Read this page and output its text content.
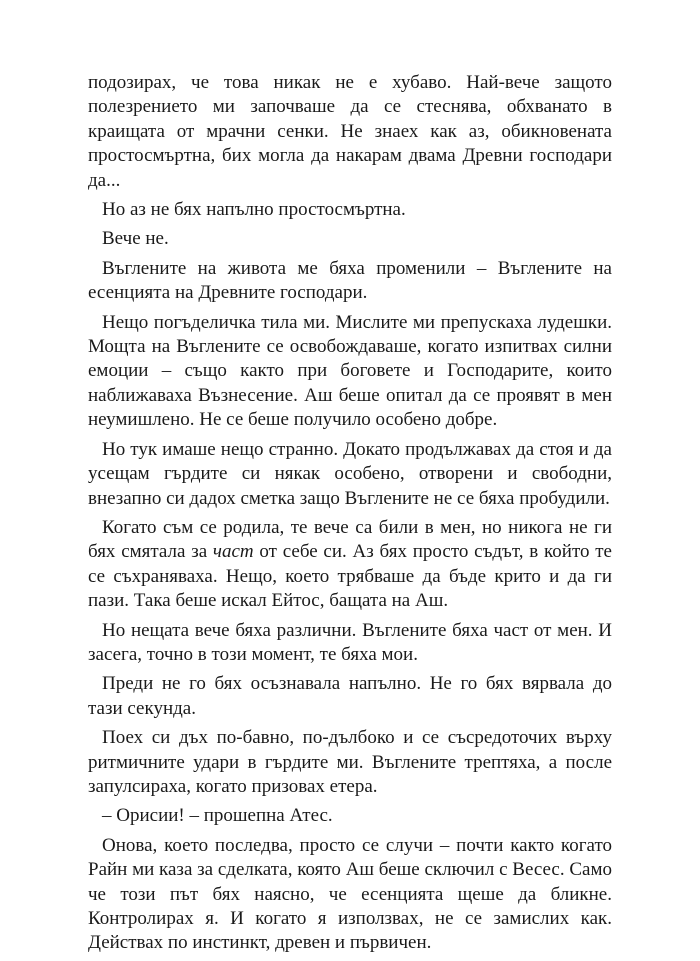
подозирах, че това никак не е хубаво. Най-вече защото полезрението ми започваше да се стеснява, обхванато в краищата от мрачни сенки. Не знаех как аз, обикновената простосмъртна, бих могла да накарам двама Древни господари да...

Но аз не бях напълно простосмъртна.

Вече не.

Въглените на живота ме бяха променили – Въглените на есенцията на Древните господари.

Нещо погъделичка тила ми. Мислите ми препускаха лудешки. Мощта на Въглените се освобождаваше, когато изпитвах силни емоции – също както при боговете и Господарите, които наближаваха Възнесение. Аш беше опитал да се проявят в мен неумишлено. Не се беше получило особено добре.

Но тук имаше нещо странно. Докато продължавах да стоя и да усещам гърдите си някак особено, отворени и свободни, внезапно си дадох сметка защо Въглените не се бяха пробудили.

Когато съм се родила, те вече са били в мен, но никога не ги бях смятала за част от себе си. Аз бях просто съдът, в който те се съхраняваха. Нещо, което трябваше да бъде крито и да ги пази. Така беше искал Ейтос, бащата на Аш.

Но нещата вече бяха различни. Въглените бяха част от мен. И засега, точно в този момент, те бяха мои.

Преди не го бях осъзнавала напълно. Не го бях вярвала до тази секунда.

Поех си дъх по-бавно, по-дълбоко и се съсредоточих върху ритмичните удари в гърдите ми. Въглените трептяха, а после запулсираха, когато призовах етера.

– Орисии! – прошепна Атес.

Онова, което последва, просто се случи – почти както когато Райн ми каза за сделката, която Аш беше сключил с Весес. Само че този път бях наясно, че есенцията щеше да бликне. Контролирах я. И когато я използвах, не се замислих как. Действах по инстинкт, древен и първичен.
